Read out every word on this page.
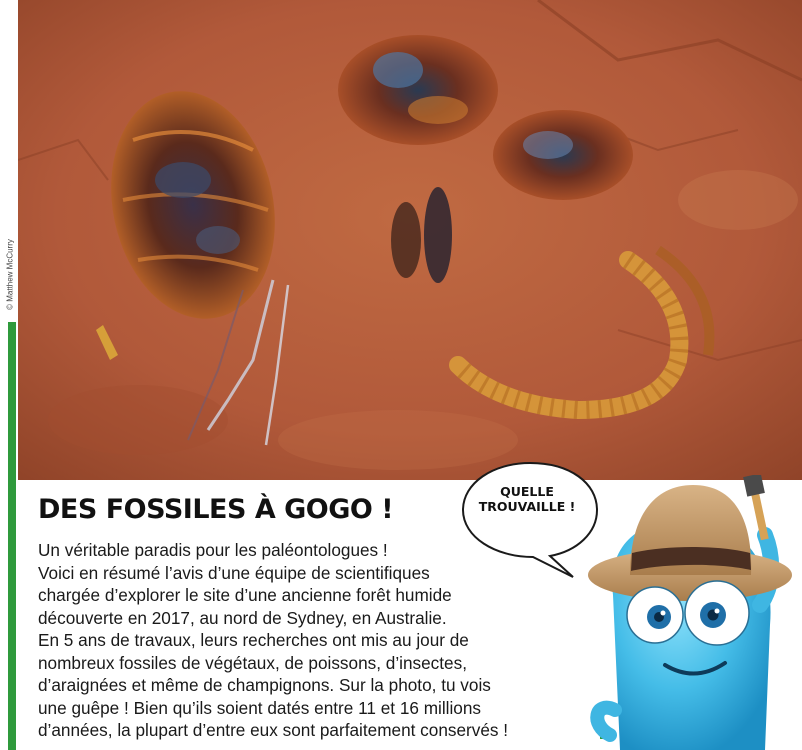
© Matthew McCurry
DES FOSSILES À GOGO !

Un véritable paradis pour les paléontologues !
Voici en résumé l’avis d’une équipe de scientifiques
chargée d’explorer le site d’une ancienne forêt humide
découverte en 2017, au nord de Sydney, en Australie.
En 5 ans de travaux, leurs recherches ont mis au jour de
nombreux fossiles de végétaux, de poissons, d’insectes,
d’araignées et même de champignons. Sur la photo, tu vois
une guêpe ! Bien qu’ils soient datés entre 11 et 16 millions
d’années, la plupart d’entre eux sont parfaitement conservés !

QUELLE
TROUVAILLE !
